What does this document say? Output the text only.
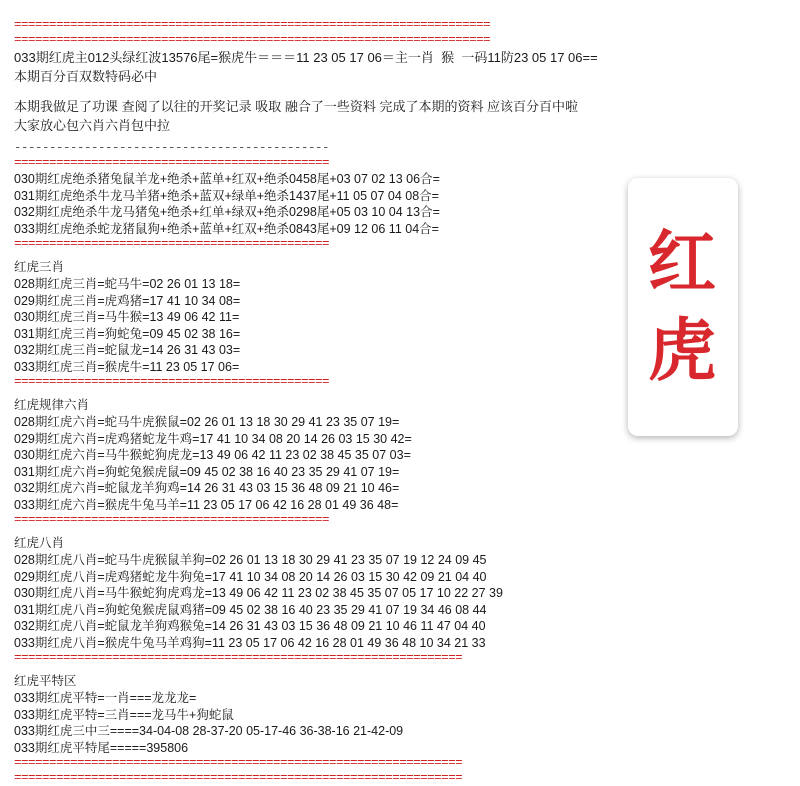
====================================================================
====================================================================
033期红虎主012头绿红波13576尾=猴虎牛＝＝＝11 23 05 17 06＝主一肖  猴  一码11防23 05 17 06==
本期百分百双数特码必中
本期我做足了功课 查阅了以往的开奖记录 吸取 融合了一些资料 完成了本期的资料 应该百分百中啦
大家放心包六肖六肖包中拉
---------------------------------------------
=============================================
030期红虎绝杀猪兔鼠羊龙+绝杀+蓝单+红双+绝杀0458尾+03 07 02 13 06合=
031期红虎绝杀牛龙马羊猪+绝杀+蓝双+绿单+绝杀1437尾+11 05 07 04 08合=
032期红虎绝杀牛龙马猪兔+绝杀+红单+绿双+绝杀0298尾+05 03 10 04 13合=
033期红虎绝杀蛇龙猪鼠狗+绝杀+蓝单+红双+绝杀0843尾+09 12 06 11 04合=
=============================================
红虎三肖
028期红虎三肖=蛇马牛=02 26 01 13 18=
029期红虎三肖=虎鸡猪=17 41 10 34 08=
030期红虎三肖=马牛猴=13 49 06 42 11=
031期红虎三肖=狗蛇兔=09 45 02 38 16=
032期红虎三肖=蛇鼠龙=14 26 31 43 03=
033期红虎三肖=猴虎牛=11 23 05 17 06=
=============================================
红虎规律六肖
028期红虎六肖=蛇马牛虎猴鼠=02 26 01 13 18 30 29 41 23 35 07 19=
029期红虎六肖=虎鸡猪蛇龙牛鸡=17 41 10 34 08 20 14 26 03 15 30 42=
030期红虎六肖=马牛猴蛇狗虎龙=13 49 06 42 11 23 02 38 45 35 07 03=
031期红虎六肖=狗蛇兔猴虎鼠=09 45 02 38 16 40 23 35 29 41 07 19=
032期红虎六肖=蛇鼠龙羊狗鸡=14 26 31 43 03 15 36 48 09 21 10 46=
033期红虎六肖=猴虎牛兔马羊=11 23 05 17 06 42 16 28 01 49 36 48=
=============================================
红虎八肖
028期红虎八肖=蛇马牛虎猴鼠羊狗=02 26 01 13 18 30 29 41 23 35 07 19 12 24 09 45
029期红虎八肖=虎鸡猪蛇龙牛狗兔=17 41 10 34 08 20 14 26 03 15 30 42 09 21 04 40
030期红虎八肖=马牛猴蛇狗虎鸡龙=13 49 06 42 11 23 02 38 45 35 07 05 17 10 22 27 39
031期红虎八肖=狗蛇兔猴虎鼠鸡猪=09 45 02 38 16 40 23 35 29 41 07 19 34 46 08 44
032期红虎八肖=蛇鼠龙羊狗鸡猴兔=14 26 31 43 03 15 36 48 09 21 10 46 11 47 04 40
033期红虎八肖=猴虎牛兔马羊鸡狗=11 23 05 17 06 42 16 28 01 49 36 48 10 34 21 33
================================================================
红虎平特区
033期红虎平特=一肖===龙龙龙=
033期红虎平特=三肖===龙马牛+狗蛇鼠
033期红虎三中三====34-04-08 28-37-20 05-17-46 36-38-16 21-42-09
033期红虎平特尾=====395806
================================================================
================================================================
红
虎
